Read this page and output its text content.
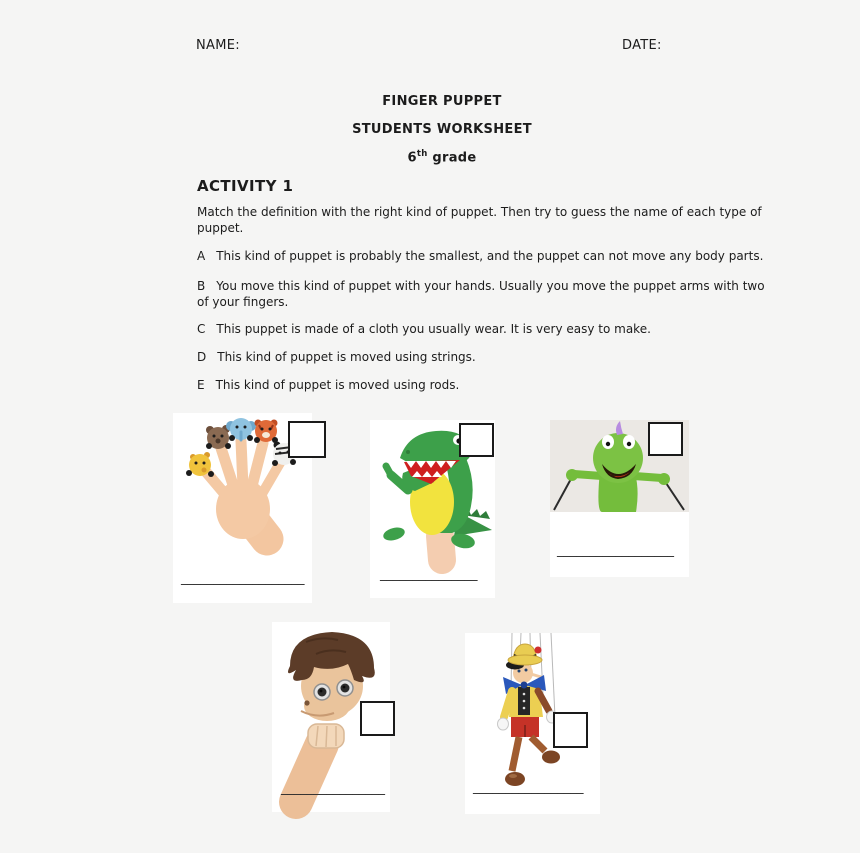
NAME:	DATE:
FINGER PUPPET
STUDENTS WORKSHEET
6th grade
ACTIVITY 1
Match the definition with the right kind of puppet. Then try to guess the name of each type of puppet.
A This kind of puppet is probably the smallest, and the puppet can not move any body parts.
B You move this kind of puppet with your hands. Usually you move the puppet arms with two of your fingers.
C This puppet is made of a cloth you usually wear. It is very easy to make.
D This kind of puppet is moved using strings.
E This kind of puppet is moved using rods.
___________________	_______________
__________________
________________	_________________
